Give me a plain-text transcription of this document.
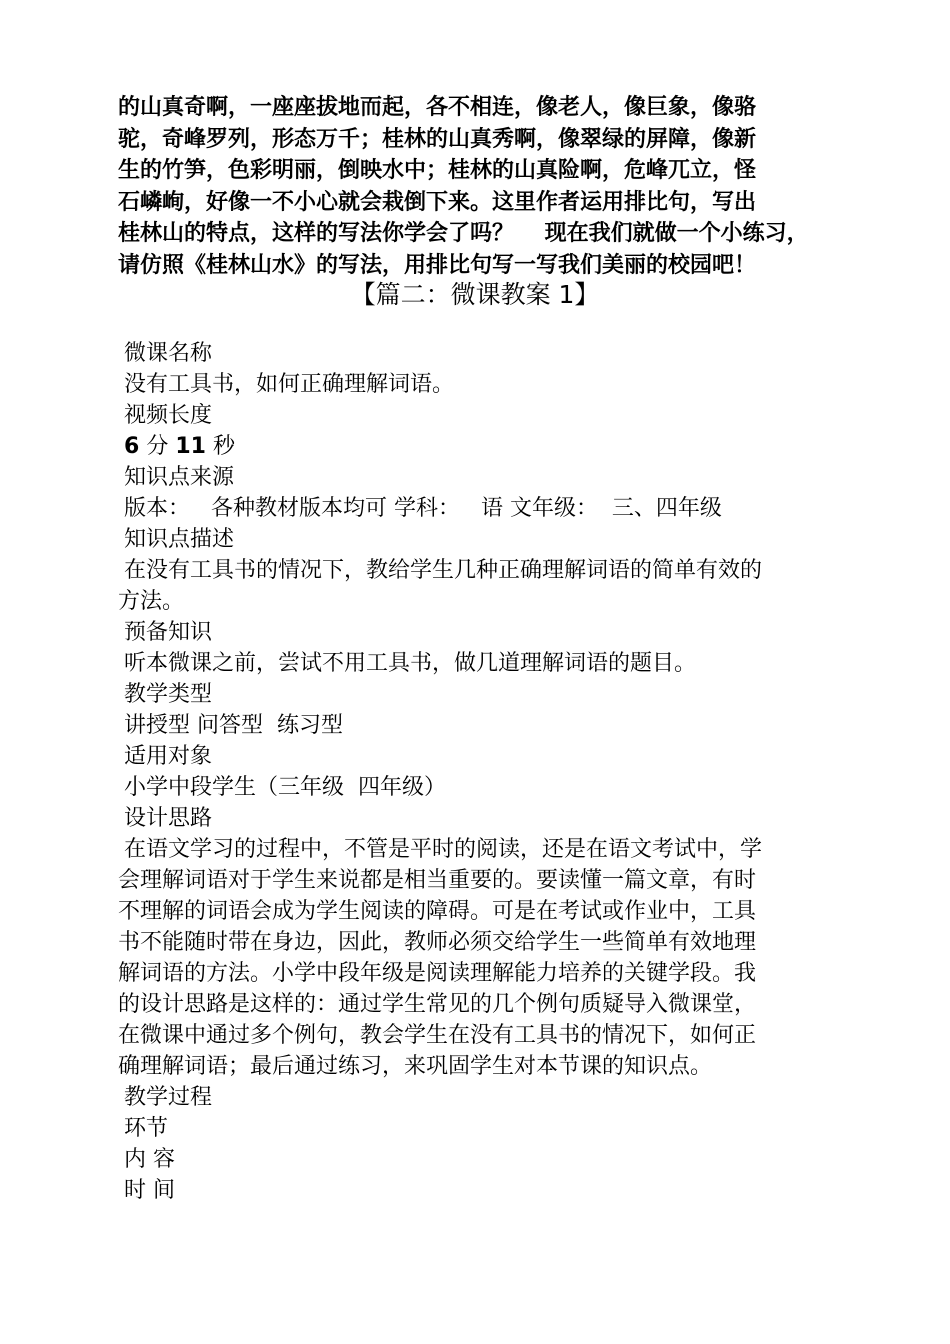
的山真奇啊，一座座拔地而起，各不相连，像老人，像巨象，像骆

驼，奇峰罗列，形态万千；桂林的山真秀啊，像翠绿的屏障，像新

生的竹笋，色彩明丽，倒映水中；桂林的山真险啊，危峰兀立，怪

石嶙峋，好像一不小心就会栽倒下来。这里作者运用排比句，写出

桂林山的特点，这样的写法你学会了吗？    现在我们就做一个小练习，

请仿照《桂林山水》的写法，用排比句写一写我们美丽的校园吧！

【篇二：微课教案 1】

微课名称

没有工具书，如何正确理解词语。

视频长度

6 分 11 秒

知识点来源

版本：   各种教材版本均可 学科：   语 文年级：  三、四年级

知识点描述

在没有工具书的情况下，教给学生几种正确理解词语的简单有效的

方法。

预备知识

听本微课之前，尝试不用工具书，做几道理解词语的题目。

教学类型

讲授型 问答型  练习型

适用对象

小学中段学生（三年级  四年级）

设计思路

在语文学习的过程中，不管是平时的阅读，还是在语文考试中，学

会理解词语对于学生来说都是相当重要的。要读懂一篇文章，有时

不理解的词语会成为学生阅读的障碍。可是在考试或作业中，工具

书不能随时带在身边，因此，教师必须交给学生一些简单有效地理

解词语的方法。小学中段年级是阅读理解能力培养的关键学段。我

的设计思路是这样的：通过学生常见的几个例句质疑导入微课堂，

在微课中通过多个例句，教会学生在没有工具书的情况下，如何正

确理解词语；最后通过练习，来巩固学生对本节课的知识点。

教学过程

环节

内 容

时 间
